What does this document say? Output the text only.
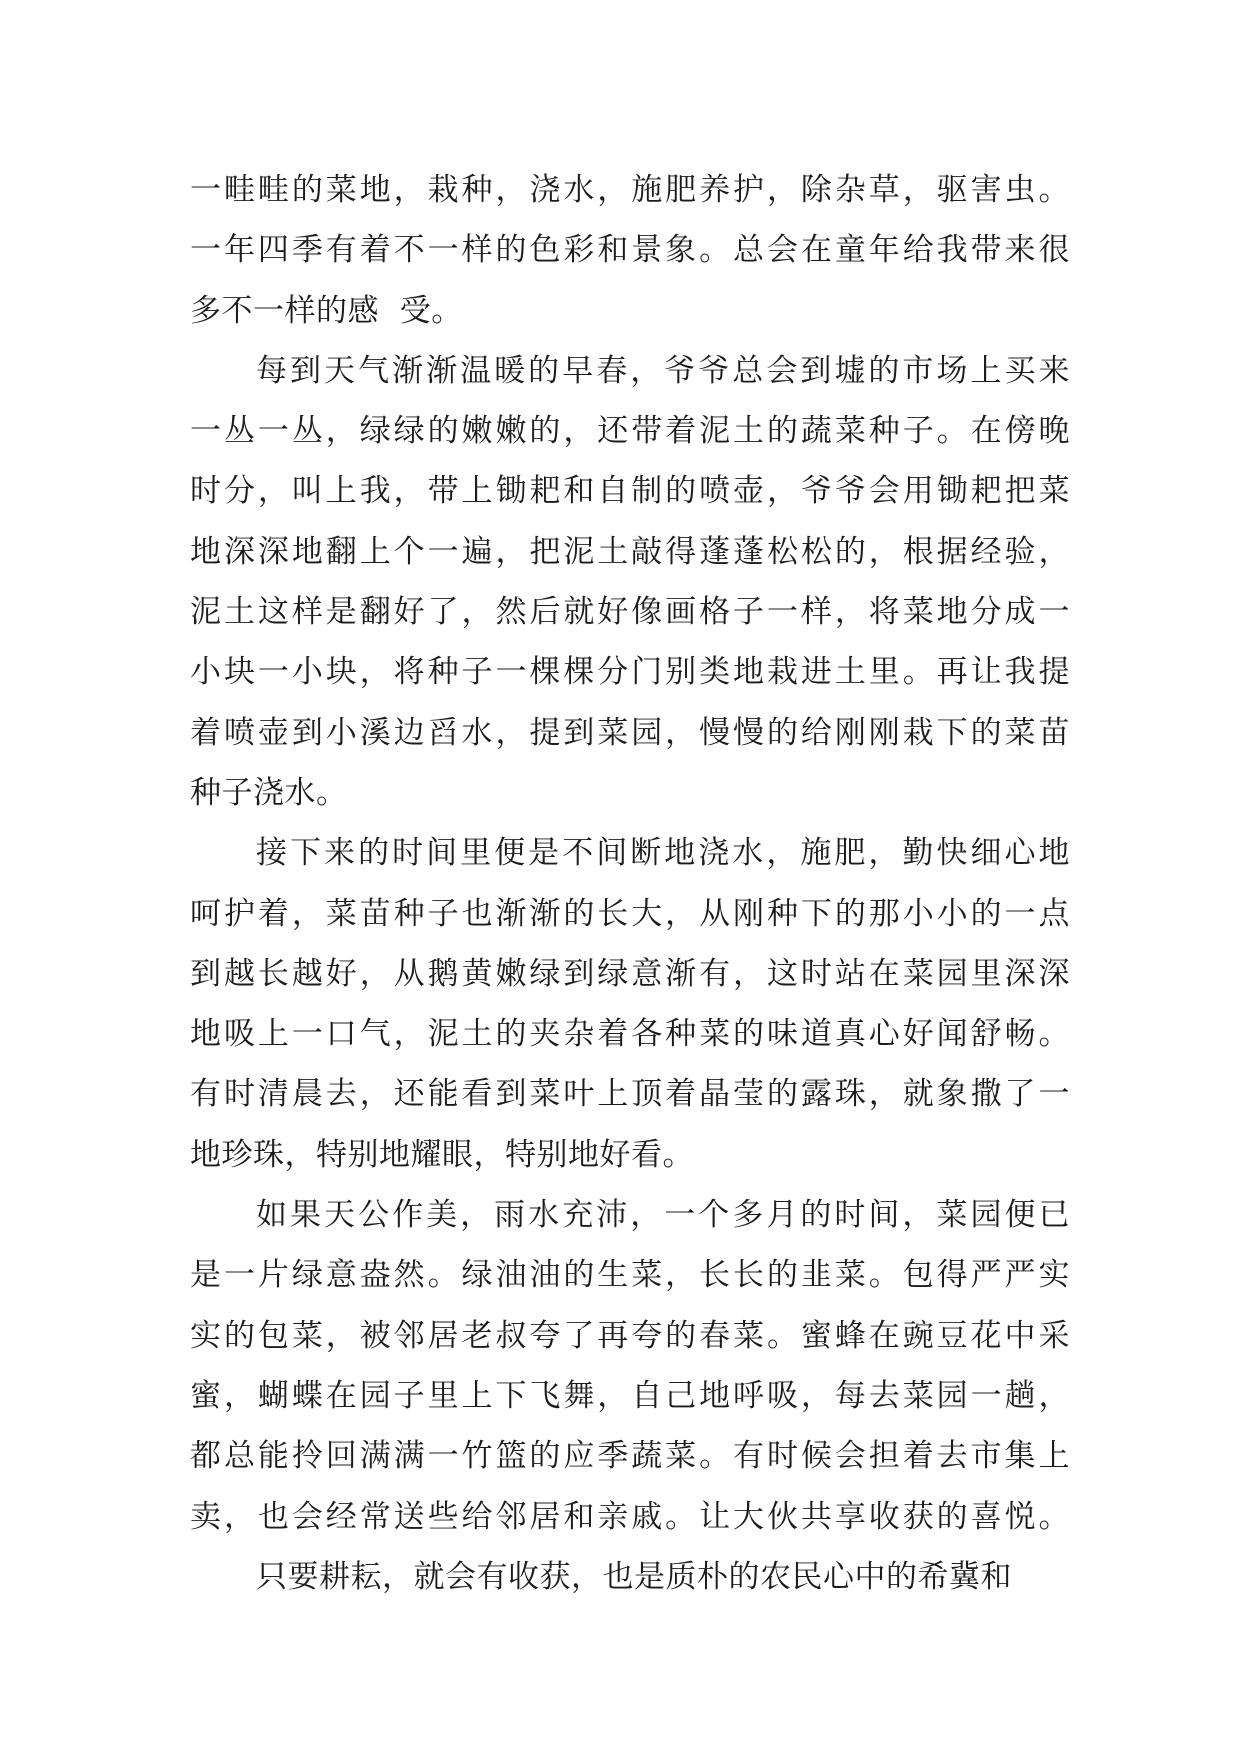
一畦畦的菜地，栽种，浇水，施肥养护，除杂草，驱害虫。
一年四季有着不一样的色彩和景象。总会在童年给我带来很
多不一样的感  受。
每到天气渐渐温暖的早春，爷爷总会到墟的市场上买来
一丛一丛，绿绿的嫩嫩的，还带着泥土的蔬菜种子。在傍晚
时分，叫上我，带上锄耙和自制的喷壶，爷爷会用锄耙把菜
地深深地翻上个一遍，把泥土敲得蓬蓬松松的，根据经验，
泥土这样是翻好了，然后就好像画格子一样，将菜地分成一
小块一小块，将种子一棵棵分门别类地栽进土里。再让我提
着喷壶到小溪边舀水，提到菜园，慢慢的给刚刚栽下的菜苗
种子浇水。
接下来的时间里便是不间断地浇水，施肥，勤快细心地
呵护着，菜苗种子也渐渐的长大，从刚种下的那小小的一点
到越长越好，从鹅黄嫩绿到绿意渐有，这时站在菜园里深深
地吸上一口气，泥土的夹杂着各种菜的味道真心好闻舒畅。
有时清晨去，还能看到菜叶上顶着晶莹的露珠，就象撒了一
地珍珠，特别地耀眼，特别地好看。
如果天公作美，雨水充沛，一个多月的时间，菜园便已
是一片绿意盎然。绿油油的生菜，长长的韭菜。包得严严实
实的包菜，被邻居老叔夸了再夸的春菜。蜜蜂在豌豆花中采
蜜，蝴蝶在园子里上下飞舞，自己地呼吸，每去菜园一趟，
都总能拎回满满一竹篮的应季蔬菜。有时候会担着去市集上
卖，也会经常送些给邻居和亲戚。让大伙共享收获的喜悦。
只要耕耘，就会有收获，也是质朴的农民心中的希冀和
